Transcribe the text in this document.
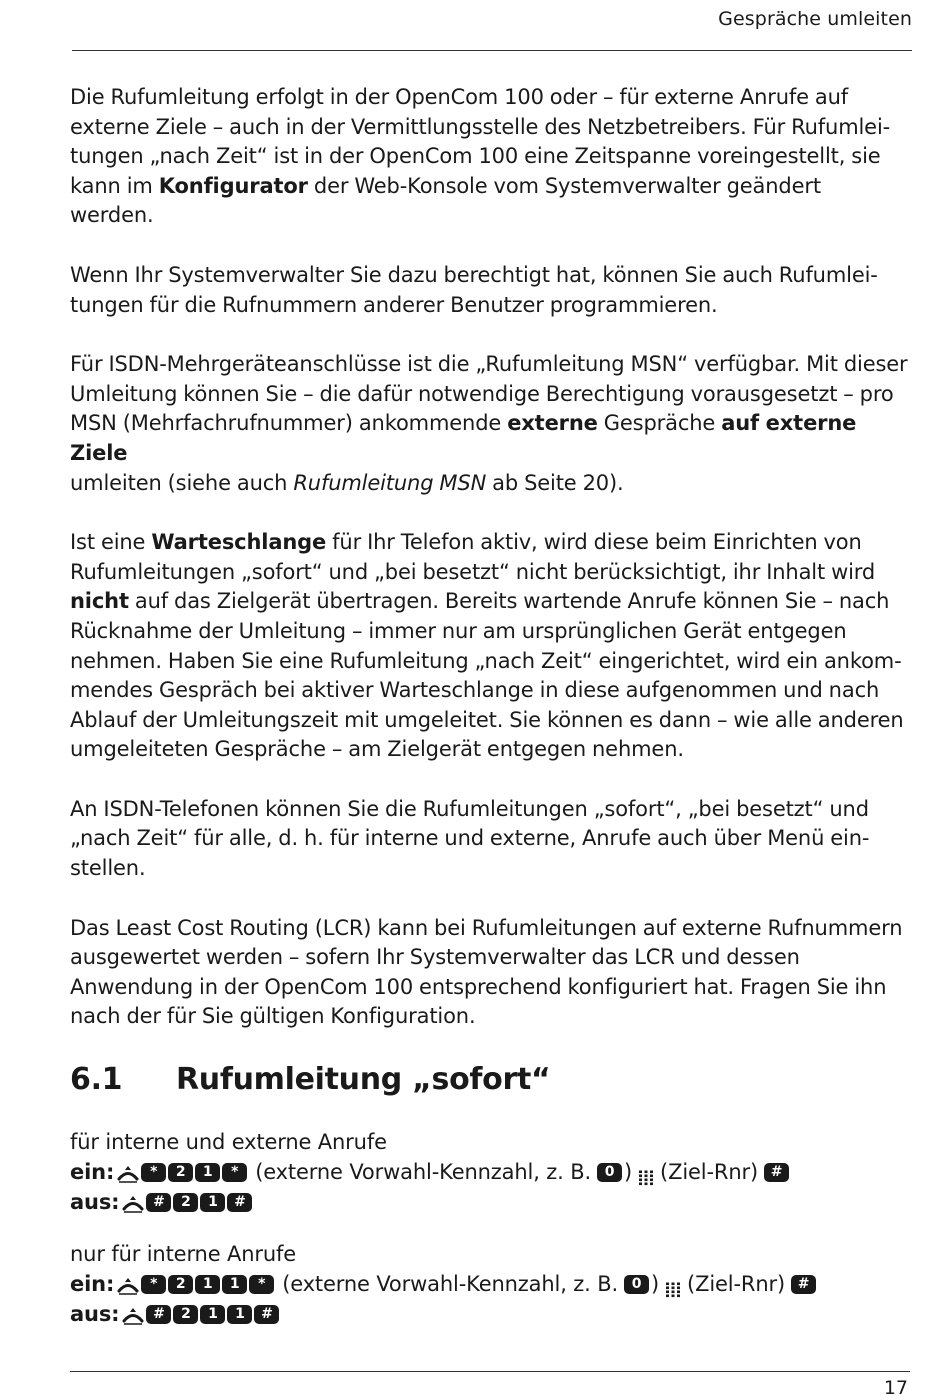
Gespräche umleiten

Die Rufumleitung erfolgt in der OpenCom 100 oder – für externe Anrufe auf
externe Ziele – auch in der Vermittlungsstelle des Netzbetreibers. Für Rufumlei-
tungen „nach Zeit“ ist in der OpenCom 100 eine Zeitspanne voreingestellt, sie
kann im Konfigurator der Web-Konsole vom Systemverwalter geändert werden.

Wenn Ihr Systemverwalter Sie dazu berechtigt hat, können Sie auch Rufumlei-
tungen für die Rufnummern anderer Benutzer programmieren.

Für ISDN-Mehrgeräteanschlüsse ist die „Rufumleitung MSN“ verfügbar. Mit dieser
Umleitung können Sie – die dafür notwendige Berechtigung vorausgesetzt – pro
MSN (Mehrfachrufnummer) ankommende externe Gespräche auf externe Ziele
umleiten (siehe auch Rufumleitung MSN ab Seite 20).

Ist eine Warteschlange für Ihr Telefon aktiv, wird diese beim Einrichten von
Rufumleitungen „sofort“ und „bei besetzt“ nicht berücksichtigt, ihr Inhalt wird
nicht auf das Zielgerät übertragen. Bereits wartende Anrufe können Sie – nach
Rücknahme der Umleitung – immer nur am ursprünglichen Gerät entgegen
nehmen. Haben Sie eine Rufumleitung „nach Zeit“ eingerichtet, wird ein ankom-
mendes Gespräch bei aktiver Warteschlange in diese aufgenommen und nach
Ablauf der Umleitungszeit mit umgeleitet. Sie können es dann – wie alle anderen
umgeleiteten Gespräche – am Zielgerät entgegen nehmen.

An ISDN-Telefonen können Sie die Rufumleitungen „sofort“, „bei besetzt“ und
„nach Zeit“ für alle, d. h. für interne und externe, Anrufe auch über Menü ein-
stellen.

Das Least Cost Routing (LCR) kann bei Rufumleitungen auf externe Rufnummern
ausgewertet werden – sofern Ihr Systemverwalter das LCR und dessen
Anwendung in der OpenCom 100 entsprechend konfiguriert hat. Fragen Sie ihn
nach der für Sie gültigen Konfiguration.

6.1	Rufumleitung „sofort“
für interne und externe Anrufe
ein:	*	2	1	* (externe Vorwahl-Kennzahl, z. B. 0 ) (Ziel-Rnr) #
aus:	#	2	1	#
nur für interne Anrufe
ein:	*	2	1	1	* (externe Vorwahl-Kennzahl, z. B. 0 ) (Ziel-Rnr) #
aus:	#	2	1	1	#
17
